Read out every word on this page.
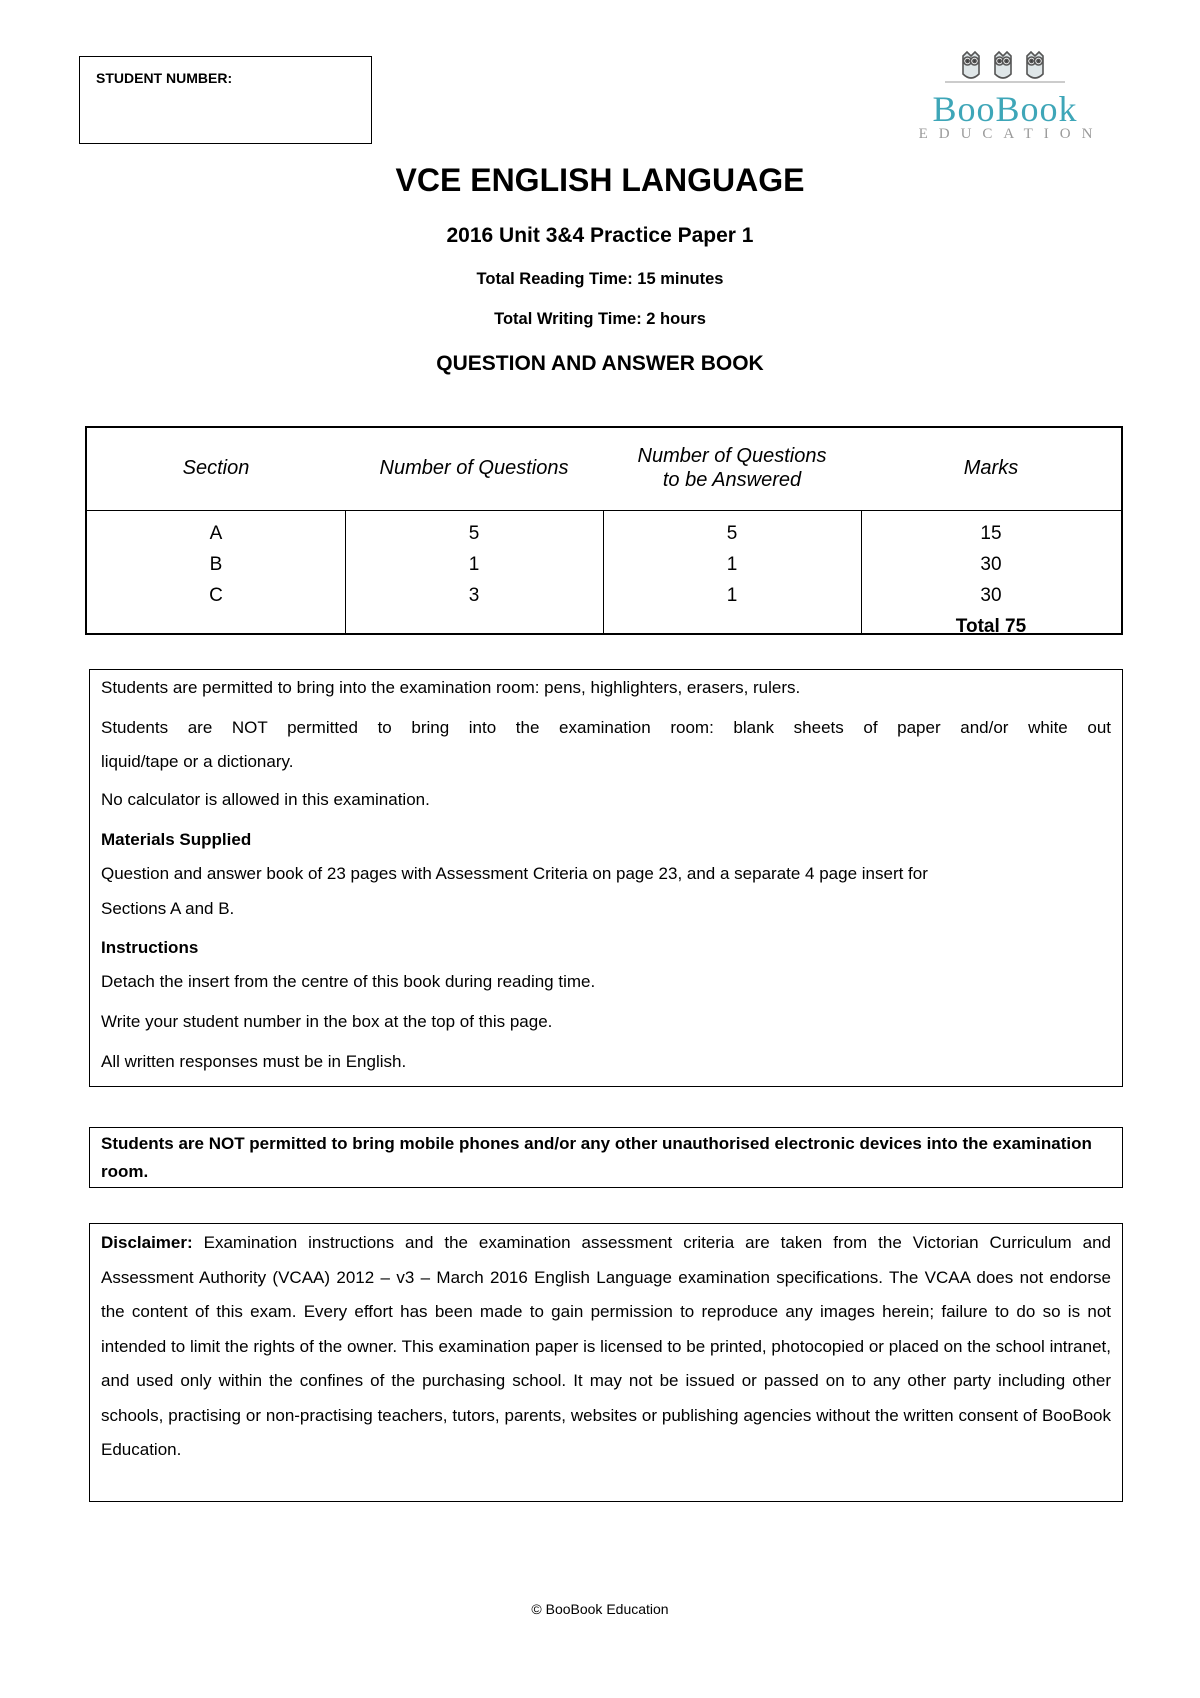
STUDENT NUMBER:
BooBook
EDUCATION
VCE ENGLISH LANGUAGE
2016 Unit 3&4 Practice Paper 1
Total Reading Time: 15 minutes
Total Writing Time: 2 hours
QUESTION AND ANSWER BOOK
Section	Number of Questions
Number of Questions
to be Answered
Marks
A
B
C
5
1
3
5
1
1
15
30
30
Total 75
Students are permitted to bring into the examination room: pens, highlighters, erasers, rulers.
Students are NOT permitted to bring into the examination room: blank sheets of paper and/or white out
liquid/tape or a dictionary.
No calculator is allowed in this examination.
Materials Supplied
Question and answer book of 23 pages with Assessment Criteria on page 23, and a separate 4 page insert for
Sections A and B.
Instructions
Detach the insert from the centre of this book during reading time.
Write your student number in the box at the top of this page.
All written responses must be in English.
Students are NOT permitted to bring mobile phones and/or any other unauthorised electronic devices into the examination room.
Disclaimer: Examination instructions and the examination assessment criteria are taken from the Victorian Curriculum and Assessment Authority (VCAA) 2012 – v3 – March 2016 English Language examination specifications. The VCAA does not endorse the content of this exam. Every effort has been made to gain permission to reproduce any images herein; failure to do so is not intended to limit the rights of the owner. This examination paper is licensed to be printed, photocopied or placed on the school intranet, and used only within the confines of the purchasing school. It may not be issued or passed on to any other party including other schools, practising or non-practising teachers, tutors, parents, websites or publishing agencies without the written consent of BooBook Education.
© BooBook Education
